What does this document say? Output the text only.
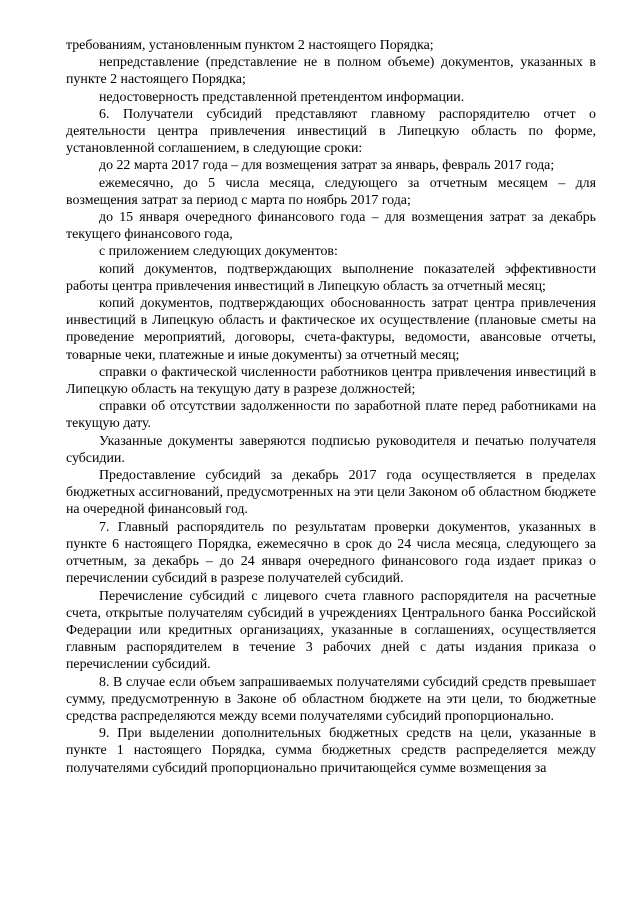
требованиям, установленным пунктом 2 настоящего Порядка;

непредставление (представление не в полном объеме) документов, указанных в пункте 2 настоящего Порядка;

недостоверность представленной претендентом информации.

6. Получатели субсидий представляют главному распорядителю отчет о деятельности центра привлечения инвестиций в Липецкую область по форме, установленной соглашением, в следующие сроки:

до 22 марта 2017 года – для возмещения затрат за январь, февраль 2017 года;

ежемесячно, до 5 числа месяца, следующего за отчетным месяцем – для возмещения затрат за период с марта по ноябрь 2017 года;

до 15 января очередного финансового года – для возмещения затрат за декабрь текущего финансового года,

с приложением следующих документов:

копий документов, подтверждающих выполнение показателей эффективности работы центра привлечения инвестиций в Липецкую область за отчетный месяц;

копий документов, подтверждающих обоснованность затрат центра привлечения инвестиций в Липецкую область и фактическое их осуществление (плановые сметы на проведение мероприятий, договоры, счета-фактуры, ведомости, авансовые отчеты, товарные чеки, платежные и иные документы) за отчетный месяц;

справки о фактической численности работников центра привлечения инвестиций в Липецкую область на текущую дату в разрезе должностей;

справки об отсутствии задолженности по заработной плате перед работниками на текущую дату.

Указанные документы заверяются подписью руководителя и печатью получателя субсидии.

Предоставление субсидий за декабрь 2017 года осуществляется в пределах бюджетных ассигнований, предусмотренных на эти цели Законом об областном бюджете на очередной финансовый год.

7. Главный распорядитель по результатам проверки документов, указанных в пункте 6 настоящего Порядка, ежемесячно в срок до 24 числа месяца, следующего за отчетным, за декабрь – до 24 января очередного финансового года издает приказ о перечислении субсидий в разрезе получателей субсидий.

Перечисление субсидий с лицевого счета главного распорядителя на расчетные счета, открытые получателям субсидий в учреждениях Центрального банка Российской Федерации или кредитных организациях, указанные в соглашениях, осуществляется главным распорядителем в течение 3 рабочих дней с даты издания приказа о перечислении субсидий.

8. В случае если объем запрашиваемых получателями субсидий средств превышает сумму, предусмотренную в Законе об областном бюджете на эти цели, то бюджетные средства распределяются между всеми получателями субсидий пропорционально.

9. При выделении дополнительных бюджетных средств на цели, указанные в пункте 1 настоящего Порядка, сумма бюджетных средств распределяется между получателями субсидий пропорционально причитающейся сумме возмещения за
